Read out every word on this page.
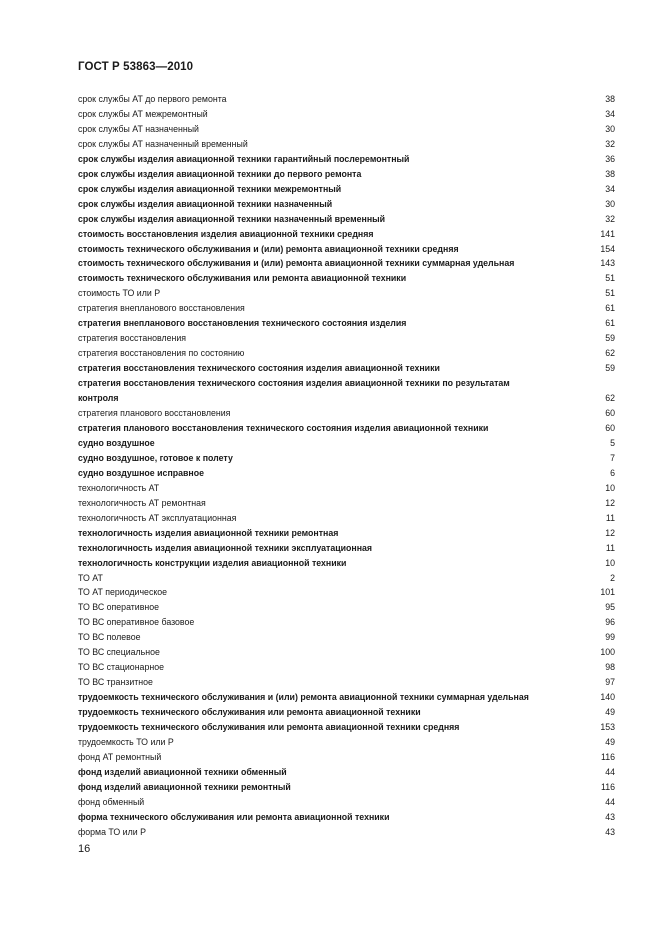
ГОСТ Р 53863—2010
срок службы АТ до первого ремонта	38
срок службы АТ межремонтный	34
срок службы АТ назначенный	30
срок службы АТ назначенный временный	32
срок службы изделия авиационной техники гарантийный послеремонтный	36
срок службы изделия авиационной техники до первого ремонта	38
срок службы изделия авиационной техники межремонтный	34
срок службы изделия авиационной техники назначенный	30
срок службы изделия авиационной техники назначенный временный	32
стоимость восстановления изделия авиационной техники средняя	141
стоимость технического обслуживания и (или) ремонта авиационной техники средняя	154
стоимость технического обслуживания и (или) ремонта авиационной техники суммарная удельная	143
стоимость технического обслуживания или ремонта авиационной техники	51
стоимость ТО или Р	51
стратегия внепланового восстановления	61
стратегия внепланового восстановления технического состояния изделия	61
стратегия восстановления	59
стратегия восстановления по состоянию	62
стратегия восстановления технического состояния изделия авиационной техники	59
стратегия восстановления технического состояния изделия авиационной техники по результатам
контроля	62
стратегия планового восстановления	60
стратегия планового восстановления технического состояния изделия авиационной техники	60
судно воздушное	5
судно воздушное, готовое к полету	7
судно воздушное исправное	6
технологичность АТ	10
технологичность АТ ремонтная	12
технологичность АТ эксплуатационная	11
технологичность изделия авиационной техники ремонтная	12
технологичность изделия авиационной техники эксплуатационная	11
технологичность конструкции изделия авиационной техники	10
ТО АТ	2
ТО АТ периодическое	101
ТО ВС оперативное	95
ТО ВС оперативное базовое	96
ТО ВС полевое	99
ТО ВС специальное	100
ТО ВС стационарное	98
ТО ВС транзитное	97
трудоемкость технического обслуживания и (или) ремонта авиационной техники суммарная удельная	140
трудоемкость технического обслуживания или ремонта авиационной техники	49
трудоемкость технического обслуживания или ремонта авиационной техники средняя	153
трудоемкость ТО или Р	49
фонд АТ ремонтный	116
фонд изделий авиационной техники обменный	44
фонд изделий авиационной техники ремонтный	116
фонд обменный	44
форма технического обслуживания или ремонта авиационной техники	43
форма ТО или Р	43
16
